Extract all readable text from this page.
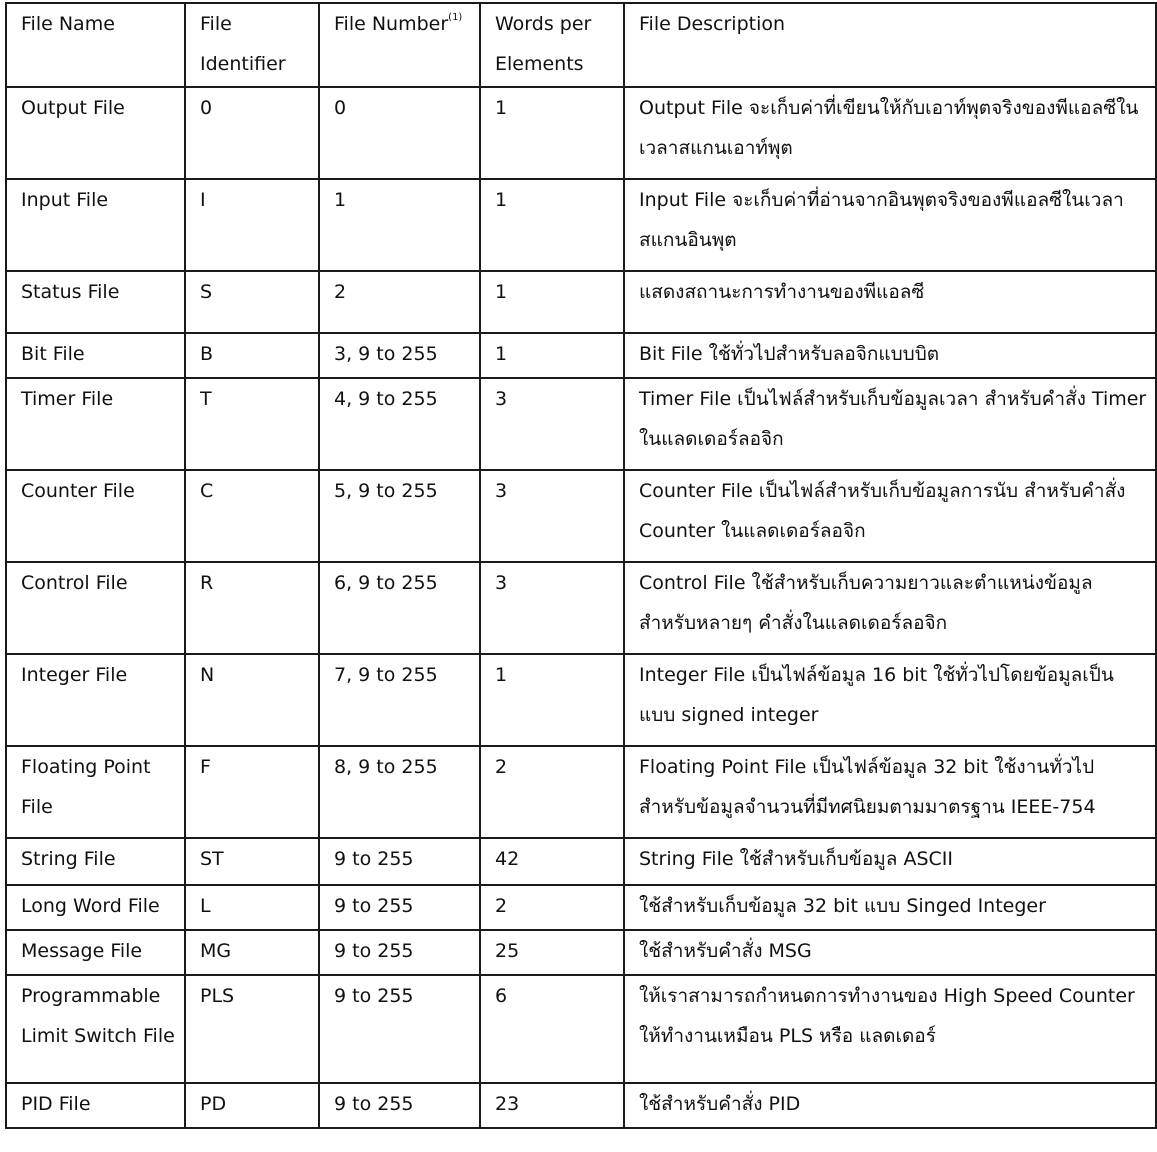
File Name	File Identifier	File Number$^{(1)}$	Words per Elements	File Description
Output File	0	0	1	Output File จะเก็บค่าที่เขียนให้กับเอาท์พุตจริงของพีแอลซีในเวลาสแกนเอาท์พุต
Input File	I	1	1	Input File จะเก็บค่าที่อ่านจากอินพุตจริงของพีแอลซีในเวลาสแกนอินพุต
Status File	S	2	1	แสดงสถานะการทำงานของพีแอลซี
Bit File	B	3, 9 to 255	1	Bit File ใช้ทั่วไปสำหรับลอจิกแบบบิต
Timer File	T	4, 9 to 255	3	Timer File เป็นไฟล์สำหรับเก็บข้อมูลเวลา สำหรับคำสั่ง Timer ในแลดเดอร์ลอจิก
Counter File	C	5, 9 to 255	3	Counter File เป็นไฟล์สำหรับเก็บข้อมูลการนับ สำหรับคำสั่ง Counter ในแลดเดอร์ลอจิก
Control File	R	6, 9 to 255	3	Control File ใช้สำหรับเก็บความยาวและตำแหน่งข้อมูลสำหรับหลายๆ คำสั่งในแลดเดอร์ลอจิก
Integer File	N	7, 9 to 255	1	Integer File เป็นไฟล์ข้อมูล 16 bit ใช้ทั่วไปโดยข้อมูลเป็นแบบ signed integer
Floating Point File	F	8, 9 to 255	2	Floating Point File เป็นไฟล์ข้อมูล 32 bit ใช้งานทั่วไปสำหรับข้อมูลจำนวนที่มีทศนิยมตามมาตรฐาน IEEE-754
String File	ST	9 to 255	42	String File ใช้สำหรับเก็บข้อมูล ASCII
Long Word File	L	9 to 255	2	ใช้สำหรับเก็บข้อมูล 32 bit แบบ Singed Integer
Message File	MG	9 to 255	25	ใช้สำหรับคำสั่ง MSG
Programmable Limit Switch File	PLS	9 to 255	6	ให้เราสามารถกำหนดการทำงานของ High Speed Counter ให้ทำงานเหมือน PLS หรือ แลดเดอร์
PID File	PD	9 to 255	23	ใช้สำหรับคำสั่ง PID
